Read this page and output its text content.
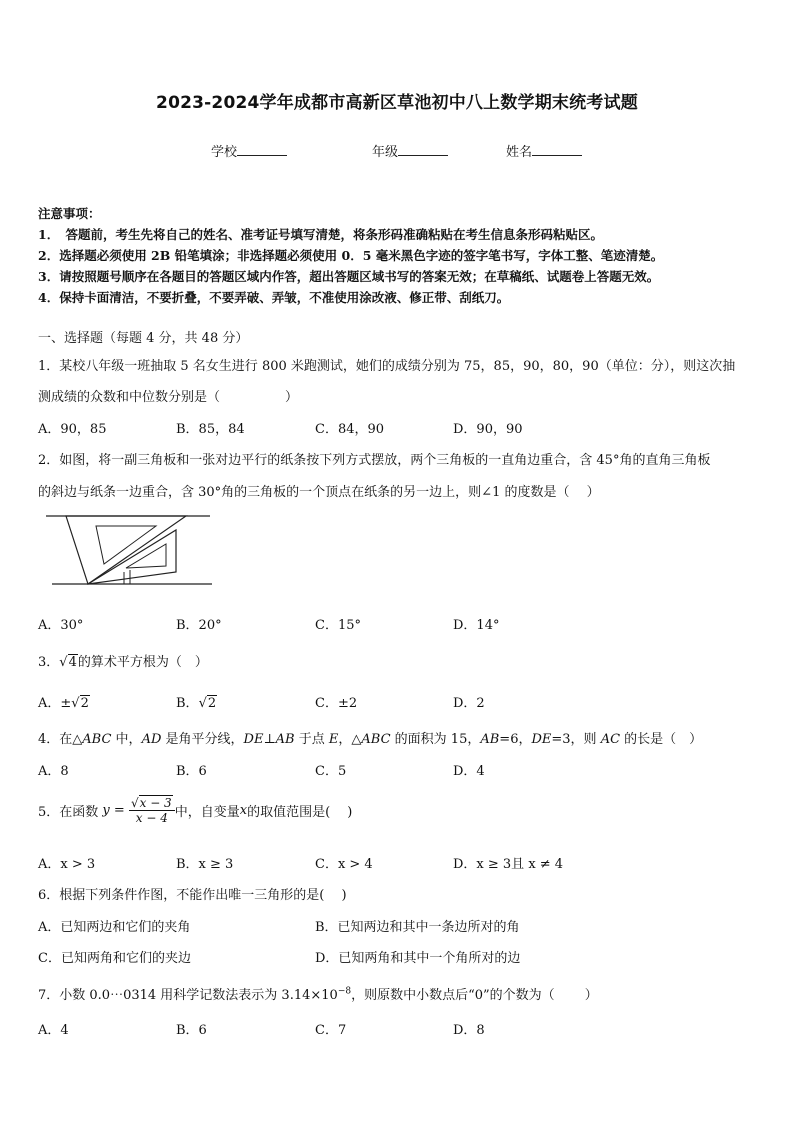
2023-2024学年成都市高新区草池初中八上数学期末统考试题
学校	年级	姓名
注意事项：
1．　答题前，考生先将自己的姓名、准考证号填写清楚，将条形码准确粘贴在考生信息条形码粘贴区。
2．选择题必须使用 2B 铅笔填涂；非选择题必须使用 0．5 毫米黑色字迹的签字笔书写，字体工整、笔迹清楚。
3．请按照题号顺序在各题目的答题区域内作答，超出答题区域书写的答案无效；在草稿纸、试题卷上答题无效。
4．保持卡面清洁，不要折叠，不要弄破、弄皱，不准使用涂改液、修正带、刮纸刀。
一、选择题（每题 4 分，共 48 分）
1．某校八年级一班抽取 5 名女生进行 800 米跑测试，她们的成绩分别为 75，85，90，80，90（单位：分），则这次抽
测成绩的众数和中位数分别是（　　　　　）
A．90，85	B．85，84	C．84，90	D．90，90
2．如图，将一副三角板和一张对边平行的纸条按下列方式摆放，两个三角板的一直角边重合，含 45°角的直角三角板
的斜边与纸条一边重合，含 30°角的三角板的一个顶点在纸条的另一边上，则∠1 的度数是（　 ）
A．30°	B．20°	C．15°	D．14°
3．√4的算术平方根为（　）
A．±√2	B．√2	C．±2	D．2
4．在△ABC 中，AD 是角平分线，DE⊥AB 于点 E，△ABC 的面积为 15，AB=6，DE=3，则 AC 的长是（　）
A．8	B．6	C．5	D．4
5．在函数 $y = \frac{√x - 3}{x - 4}$ 中，自变量x的取值范围是(　 )
A．x > 3	B．x ≥ 3	C．x > 4	D．x ≥ 3且 x ≠ 4
6．根据下列条件作图，不能作出唯一三角形的是(　 )
A．已知两边和它们的夹角	B．已知两边和其中一条边所对的角
C．已知两角和它们的夹边	D．已知两角和其中一个角所对的边
7．小数 0.0⋯0314 用科学记数法表示为 $3.14\times 10^{-8}$，则原数中小数点后“0”的个数为（　　 ）
A．4	B．6	C．7	D．8
